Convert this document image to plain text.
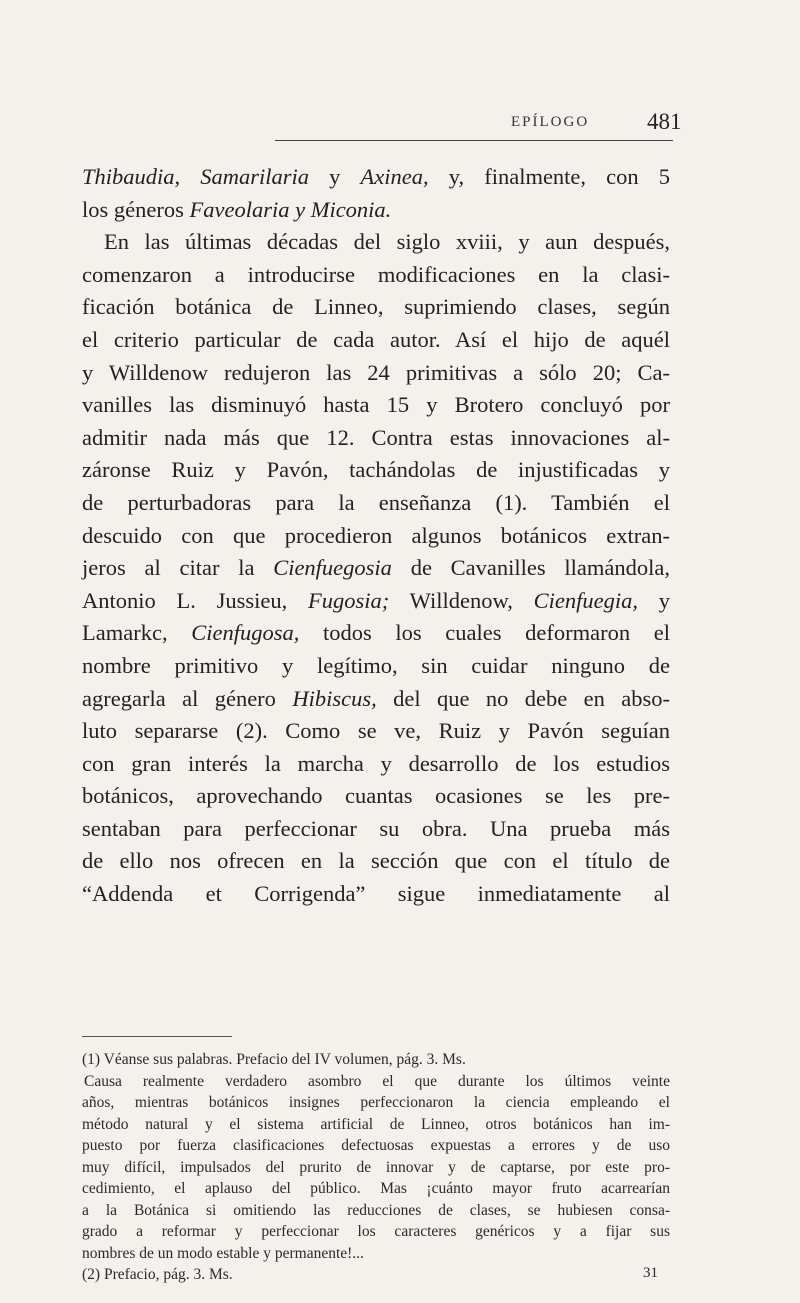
EPÍLOGO	481
Thibaudia, Samarilaria y Axinea, y, finalmente, con 5
los géneros Faveolaria y Miconia.
En las últimas décadas del siglo xviii, y aun después,
comenzaron a introducirse modificaciones en la clasi-
ficación botánica de Linneo, suprimiendo clases, según
el criterio particular de cada autor. Así el hijo de aquél
y Willdenow redujeron las 24 primitivas a sólo 20; Ca-
vanilles las disminuyó hasta 15 y Brotero concluyó por
admitir nada más que 12. Contra estas innovaciones al-
záronse Ruiz y Pavón, tachándolas de injustificadas y
de perturbadoras para la enseñanza (1). También el
descuido con que procedieron algunos botánicos extran-
jeros al citar la Cienfuegosia de Cavanilles llamándola,
Antonio L. Jussieu, Fugosia; Willdenow, Cienfuegia, y
Lamarkc, Cienfugosa, todos los cuales deformaron el
nombre primitivo y legítimo, sin cuidar ninguno de
agregarla al género Hibiscus, del que no debe en abso-
luto separarse (2). Como se ve, Ruiz y Pavón seguían
con gran interés la marcha y desarrollo de los estudios
botánicos, aprovechando cuantas ocasiones se les pre-
sentaban para perfeccionar su obra. Una prueba más
de ello nos ofrecen en la sección que con el título de
“Addenda et Corrigenda” sigue inmediatamente al
(1) Véanse sus palabras. Prefacio del IV volumen, pág. 3. Ms.
Causa realmente verdadero asombro el que durante los últimos veinte
años, mientras botánicos insignes perfeccionaron la ciencia empleando el
método natural y el sistema artificial de Linneo, otros botánicos han im-
puesto por fuerza clasificaciones defectuosas expuestas a errores y de uso
muy difícil, impulsados del prurito de innovar y de captarse, por este pro-
cedimiento, el aplauso del público. Mas ¡cuánto mayor fruto acarrearían
a la Botánica si omitiendo las reducciones de clases, se hubiesen consa-
grado a reformar y perfeccionar los caracteres genéricos y a fijar sus
nombres de un modo estable y permanente!...
(2) Prefacio, pág. 3. Ms.	31
